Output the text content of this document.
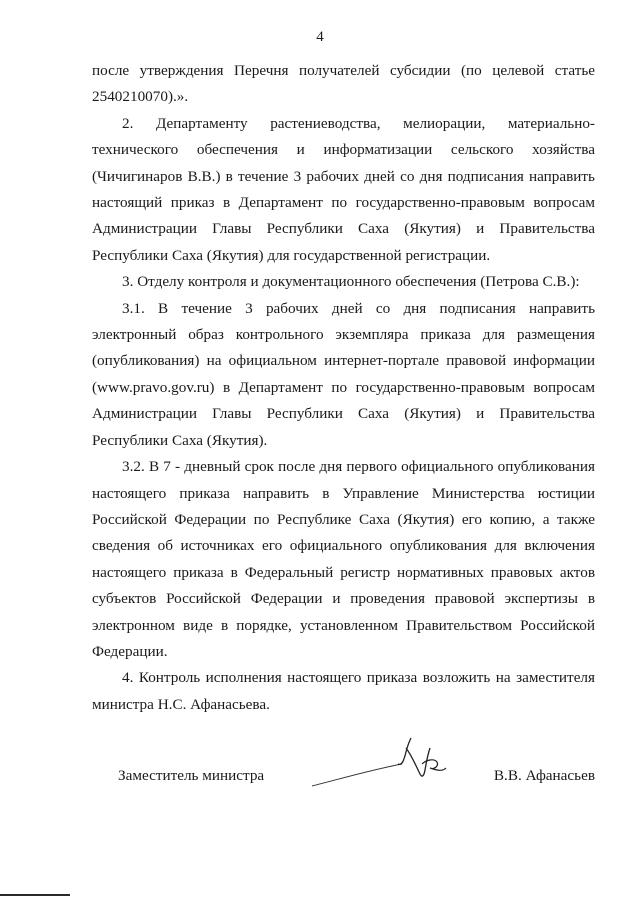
4

после утверждения Перечня получателей субсидии (по целевой статье 2540210070).».

2. Департаменту растениеводства, мелиорации, материально-технического обеспечения и информатизации сельского хозяйства (Чичигинаров В.В.) в течение 3 рабочих дней со дня подписания направить настоящий приказ в Департамент по государственно-правовым вопросам Администрации Главы Республики Саха (Якутия) и Правительства Республики Саха (Якутия) для государственной регистрации.

3. Отделу контроля и документационного обеспечения (Петрова С.В.):

3.1. В течение 3 рабочих дней со дня подписания направить электронный образ контрольного экземпляра приказа для размещения (опубликования) на официальном интернет-портале правовой информации (www.pravo.gov.ru) в Департамент по государственно-правовым вопросам Администрации Главы Республики Саха (Якутия) и Правительства Республики Саха (Якутия).

3.2. В 7 - дневный срок после дня первого официального опубликования настоящего приказа направить в Управление Министерства юстиции Российской Федерации по Республике Саха (Якутия) его копию, а также сведения об источниках его официального опубликования для включения настоящего приказа в Федеральный регистр нормативных правовых актов субъектов Российской Федерации и проведения правовой экспертизы в электронном виде в порядке, установленном Правительством Российской Федерации.

4. Контроль исполнения настоящего приказа возложить на заместителя министра Н.С. Афанасьева.

Заместитель министра	В.В. Афанасьев
